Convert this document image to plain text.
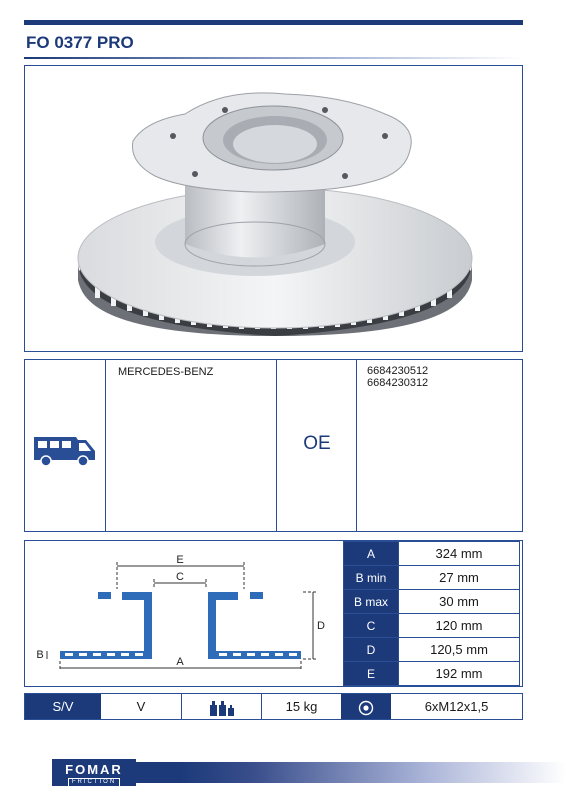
FO 0377 PRO
MERCEDES-BENZ
OE
6684230512
6684230312
E
C
D
B
A
A	324 mm
B min	27 mm
B max	30 mm
C	120 mm
D	120,5 mm
E	192 mm
S/V	V	15 kg	6xM12x1,5
FOMAR
FRICTION
